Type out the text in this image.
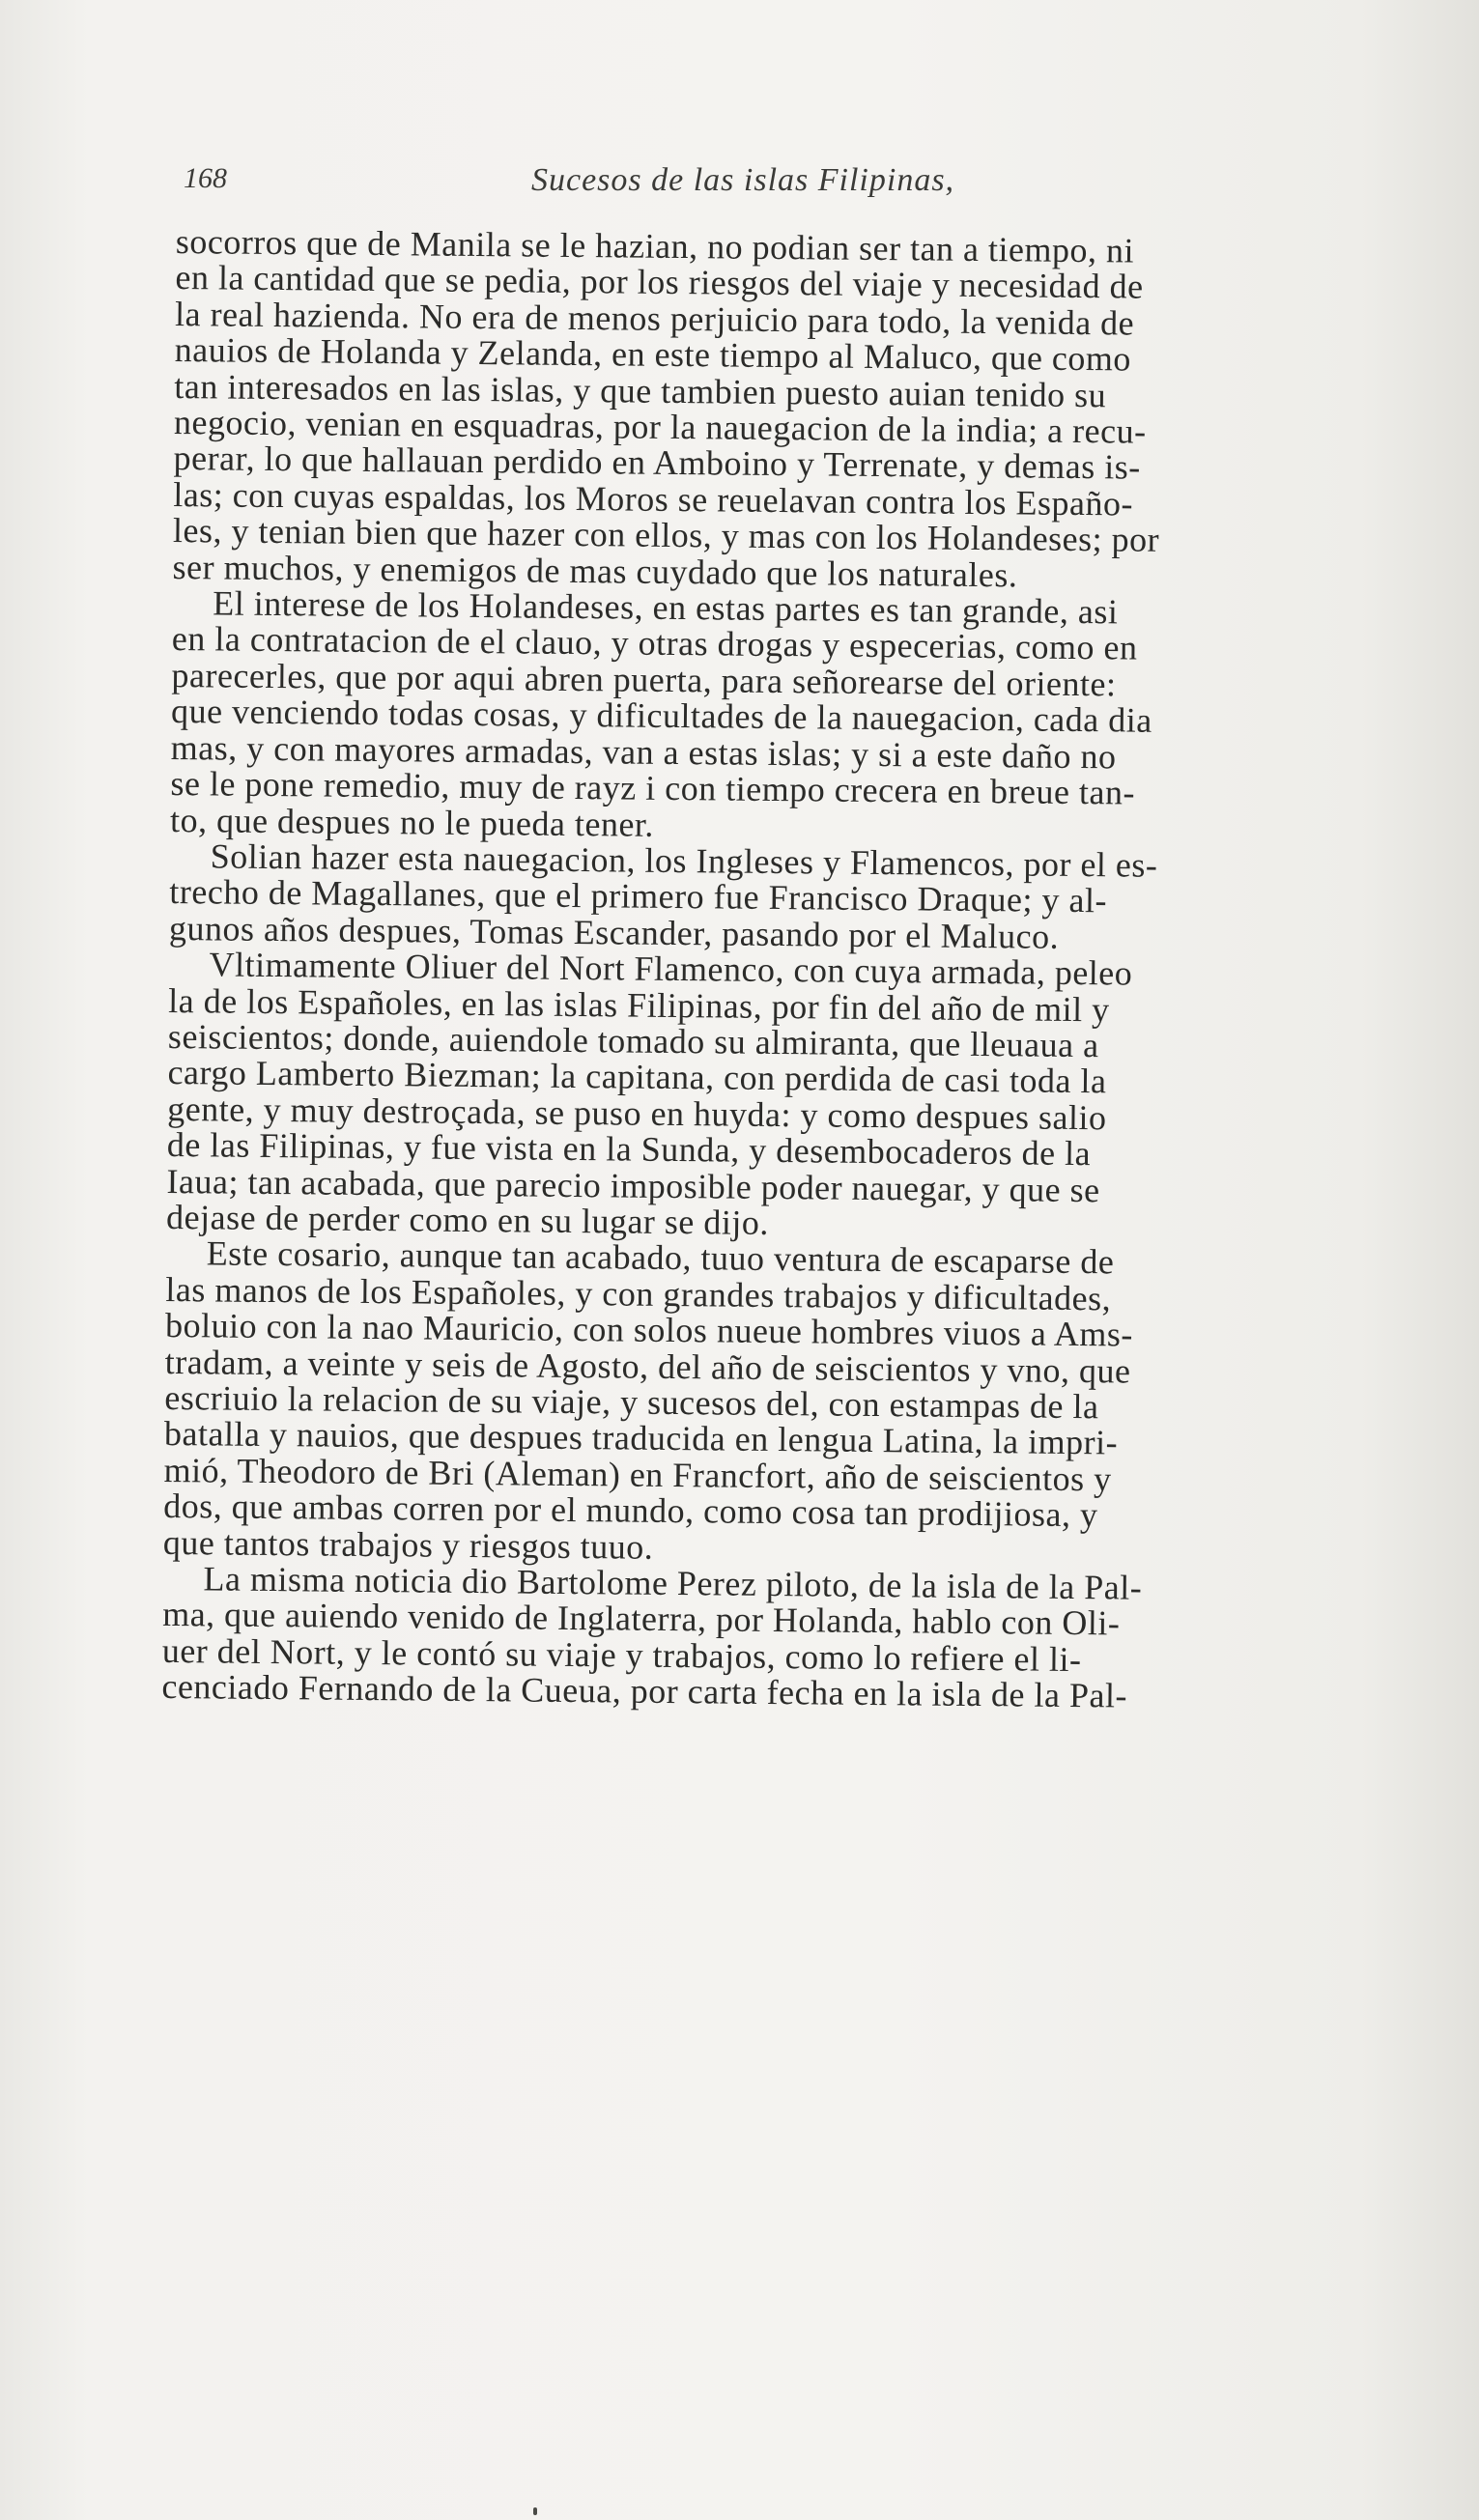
168	Sucesos de las islas Filipinas,

socorros que de Manila se le hazian, no podian ser tan a tiempo, ni
en la cantidad que se pedia, por los riesgos del viaje y necesidad de
la real hazienda. No era de menos perjuicio para todo, la venida de
nauios de Holanda y Zelanda, en este tiempo al Maluco, que como
tan interesados en las islas, y que tambien puesto auian tenido su
negocio, venian en esquadras, por la nauegacion de la india; a recu-
perar, lo que hallauan perdido en Amboino y Terrenate, y demas is-
las; con cuyas espaldas, los Moros se reuelavan contra los Españo-
les, y tenian bien que hazer con ellos, y mas con los Holandeses; por
ser muchos, y enemigos de mas cuydado que los naturales.

El interese de los Holandeses, en estas partes es tan grande, asi
en la contratacion de el clauo, y otras drogas y especerias, como en
parecerles, que por aqui abren puerta, para señorearse del oriente:
que venciendo todas cosas, y dificultades de la nauegacion, cada dia
mas, y con mayores armadas, van a estas islas; y si a este daño no
se le pone remedio, muy de rayz i con tiempo crecera en breue tan-
to, que despues no le pueda tener.

Solian hazer esta nauegacion, los Ingleses y Flamencos, por el es-
trecho de Magallanes, que el primero fue Francisco Draque; y al-
gunos años despues, Tomas Escander, pasando por el Maluco.

Vltimamente Oliuer del Nort Flamenco, con cuya armada, peleo
la de los Españoles, en las islas Filipinas, por fin del año de mil y
seiscientos; donde, auiendole tomado su almiranta, que lleuaua a
cargo Lamberto Biezman; la capitana, con perdida de casi toda la
gente, y muy destroçada, se puso en huyda: y como despues salio
de las Filipinas, y fue vista en la Sunda, y desembocaderos de la
Iaua; tan acabada, que parecio imposible poder nauegar, y que se
dejase de perder como en su lugar se dijo.

Este cosario, aunque tan acabado, tuuo ventura de escaparse de
las manos de los Españoles, y con grandes trabajos y dificultades,
boluio con la nao Mauricio, con solos nueue hombres viuos a Ams-
tradam, a veinte y seis de Agosto, del año de seiscientos y vno, que
escriuio la relacion de su viaje, y sucesos del, con estampas de la
batalla y nauios, que despues traducida en lengua Latina, la impri-
mió, Theodoro de Bri (Aleman) en Francfort, año de seiscientos y
dos, que ambas corren por el mundo, como cosa tan prodijiosa, y
que tantos trabajos y riesgos tuuo.

La misma noticia dio Bartolome Perez piloto, de la isla de la Pal-
ma, que auiendo venido de Inglaterra, por Holanda, hablo con Oli-
uer del Nort, y le contó su viaje y trabajos, como lo refiere el li-
cenciado Fernando de la Cueua, por carta fecha en la isla de la Pal-
